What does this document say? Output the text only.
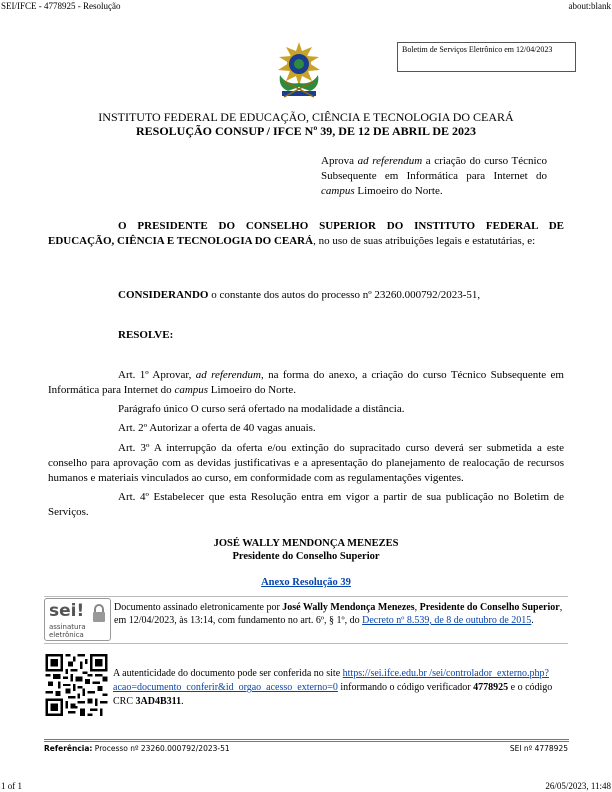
SEI/IFCE - 4778925 - Resolução	about:blank
Boletim de Serviços Eletrônico em 12/04/2023
INSTITUTO FEDERAL DE EDUCAÇÃO, CIÊNCIA E TECNOLOGIA DO CEARÁ
RESOLUÇÃO CONSUP / IFCE Nº 39, DE 12 DE ABRIL DE 2023
Aprova ad referendum a criação do curso Técnico Subsequente em Informática para Internet do campus Limoeiro do Norte.
O PRESIDENTE DO CONSELHO SUPERIOR DO INSTITUTO FEDERAL DE EDUCAÇÃO, CIÊNCIA E TECNOLOGIA DO CEARÁ, no uso de suas atribuições legais e estatutárias, e:
CONSIDERANDO o constante dos autos do processo nº 23260.000792/2023-51,
RESOLVE:
Art. 1º Aprovar, ad referendum, na forma do anexo, a criação do curso Técnico Subsequente em Informática para Internet do campus Limoeiro do Norte.
Parágrafo único O curso será ofertado na modalidade a distância.
Art. 2º Autorizar a oferta de 40 vagas anuais.
Art. 3º A interrupção da oferta e/ou extinção do supracitado curso deverá ser submetida a este conselho para aprovação com as devidas justificativas e a apresentação do planejamento de realocação de recursos humanos e materiais vinculados ao curso, em conformidade com as regulamentações vigentes.
Art. 4º Estabelecer que esta Resolução entra em vigor a partir de sua publicação no Boletim de Serviços.
JOSÉ WALLY MENDONÇA MENEZES
Presidente do Conselho Superior
Anexo Resolução 39
sei!
assinatura
eletrônica
Documento assinado eletronicamente por José Wally Mendonça Menezes, Presidente do Conselho Superior, em 12/04/2023, às 13:14, com fundamento no art. 6º, § 1º, do Decreto nº 8.539, de 8 de outubro de 2015.
A autenticidade do documento pode ser conferida no site https://sei.ifce.edu.br /sei/controlador_externo.php?acao=documento_conferir&id_orgao_acesso_externo=0 informando o código verificador 4778925 e o código CRC 3AD4B311.
Referência: Processo nº 23260.000792/2023-51	SEI nº 4778925
1 of 1	26/05/2023, 11:48
